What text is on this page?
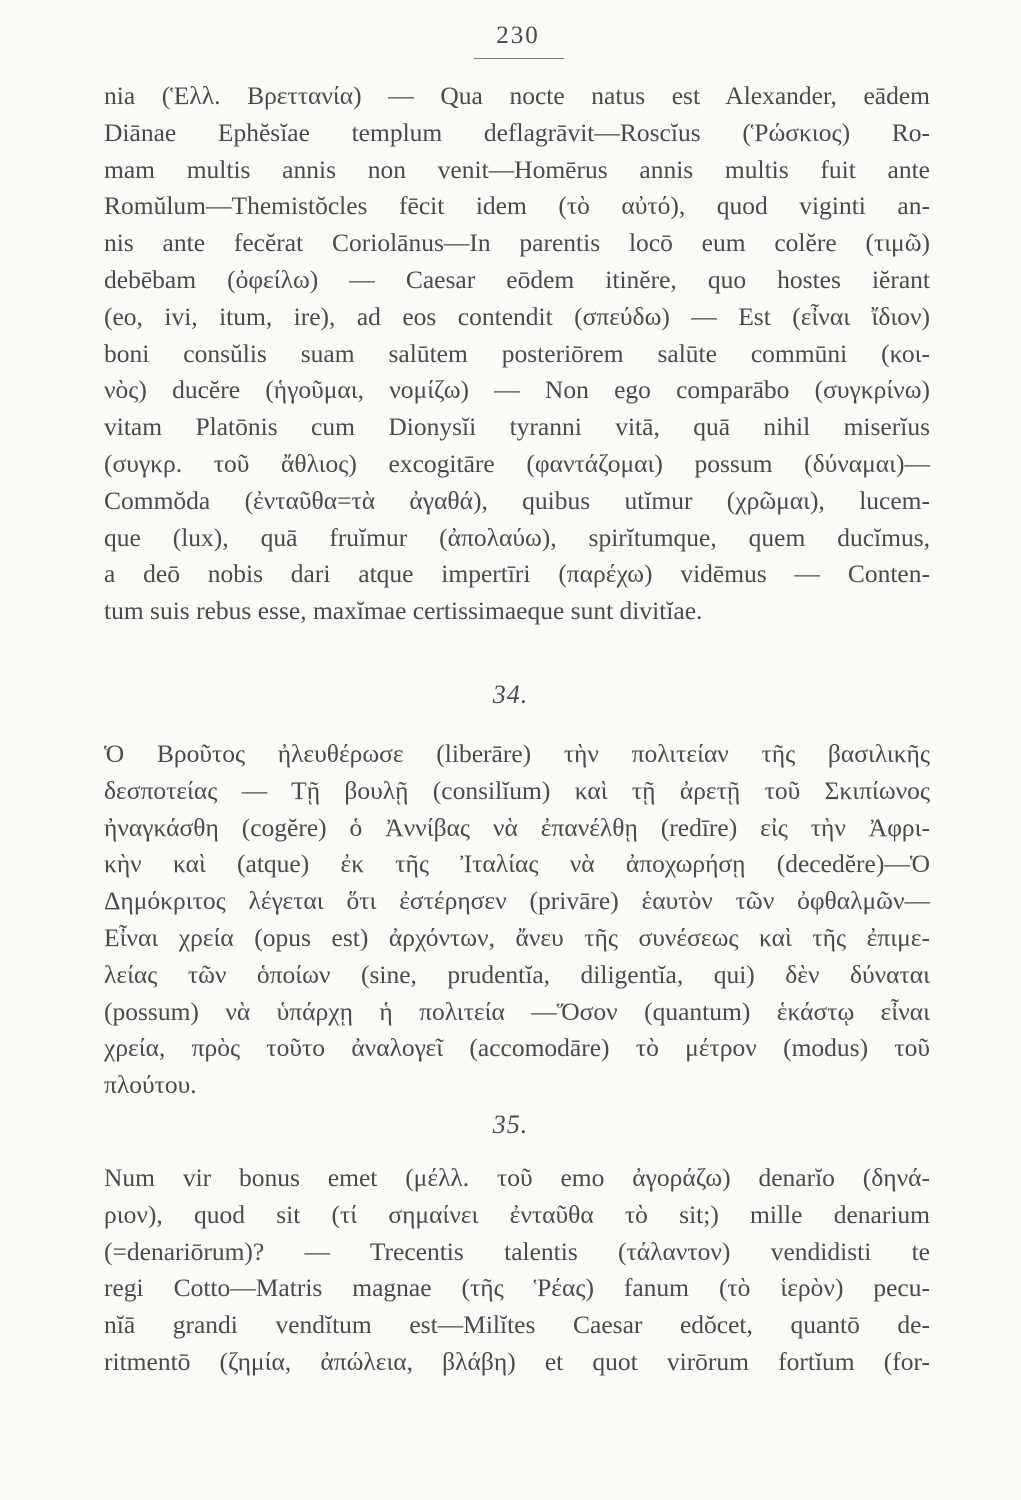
230
nia (Ἑλλ. Βρεττανία) — Qua nocte natus est Alexander, eādem
Diānae Ephĕsĭae templum deflagrāvit—Roscĭus (Ῥώσκιος) Ro-
mam multis annis non venit—Homērus annis multis fuit ante
Romŭlum—Themistŏcles fēcit idem (τὸ αὐτό), quod viginti an-
nis ante fecĕrat Coriolānus—In parentis locō eum colĕre (τιμῶ)
debēbam (ὀφείλω) — Caesar eōdem itinĕre, quo hostes iĕrant
(eo, ivi, itum, ire), ad eos contendit (σπεύδω) — Est (εἶναι ἴδιον)
boni consŭlis suam salūtem posteriōrem salūte commūni (κοι-
νὸς) ducĕre (ἡγοῦμαι, νομίζω) — Non ego comparābo (συγκρίνω)
vitam Platōnis cum Dionysĭi tyranni vitā, quā nihil miserĭus
(συγκρ. τοῦ ἄθλιος) excogitāre (φαντάζομαι) possum (δύναμαι)—
Commŏda (ἐνταῦθα=τὰ ἀγαθά), quibus utĭmur (χρῶμαι), lucem-
que (lux), quā fruĭmur (ἀπολαύω), spirĭtumque, quem ducĭmus,
a deō nobis dari atque impertīri (παρέχω) vidēmus — Conten-
tum suis rebus esse, maxĭmae certissimaeque sunt divitĭae.
34.
Ὁ Βροῦτος ἠλευθέρωσε (liberāre) τὴν πολιτείαν τῆς βασιλικῆς
δεσποτείας — Τῇ βουλῇ (consilĭum) καὶ τῇ ἀρετῇ τοῦ Σκιπίωνος
ἠναγκάσθη (cogĕre) ὁ Ἀννίβας νὰ ἐπανέλθῃ (redīre) εἰς τὴν Ἀφρι-
κὴν καὶ (atque) ἐκ τῆς Ἰταλίας νὰ ἀποχωρήσῃ (decedĕre)—Ὁ
Δημόκριτος λέγεται ὅτι ἐστέρησεν (privāre) ἑαυτὸν τῶν ὀφθαλμῶν—
Εἶναι χρεία (opus est) ἀρχόντων, ἄνευ τῆς συνέσεως καὶ τῆς ἐπιμε-
λείας τῶν ὁποίων (sine, prudentĭa, diligentĭa, qui) δὲν δύναται
(possum) νὰ ὑπάρχῃ ἡ πολιτεία —Ὅσον (quantum) ἑκάστῳ εἶναι
χρεία, πρὸς τοῦτο ἀναλογεῖ (accomodāre) τὸ μέτρον (modus) τοῦ
πλούτου.
35.
Num vir bonus emet (μέλλ. τοῦ emo ἀγοράζω) denarĭo (δηνά-
ριον), quod sit (τί σημαίνει ἐνταῦθα τὸ sit;) mille denarium
(=denariōrum)? — Trecentis talentis (τάλαντον) vendidisti te
regi Cotto—Matris magnae (τῆς Ῥέας) fanum (τὸ ἱερὸν) pecu-
nĭā grandi vendĭtum est—Milĭtes Caesar edŏcet, quantō de-
ritmentō (ζημία, ἀπώλεια, βλάβη) et quot virōrum fortĭum (fοr-
